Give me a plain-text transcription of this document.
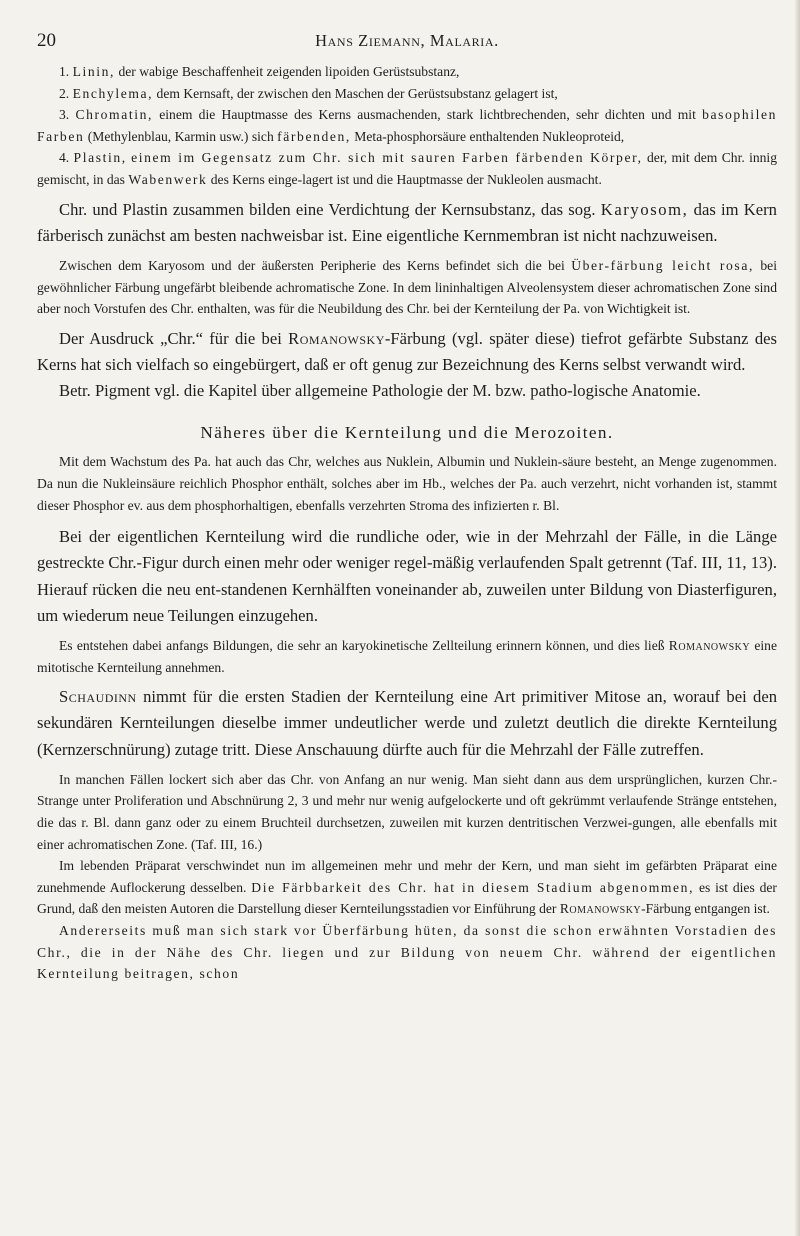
20	Hans Ziemann, Malaria.

1. Linin, der wabige Beschaffenheit zeigenden lipoiden Gerüstsubstanz,

2. Enchylema, dem Kernsaft, der zwischen den Maschen der Gerüstsubstanz gelagert ist,

3. Chromatin, einem die Hauptmasse des Kerns ausmachenden, stark lichtbrechenden, sehr dichten und mit basophilen Farben (Methylenblau, Karmin usw.) sich färbenden, Meta-phosphorsäure enthaltenden Nukleoproteid,

4. Plastin, einem im Gegensatz zum Chr. sich mit sauren Farben färbenden Körper, der, mit dem Chr. innig gemischt, in das Wabenwerk des Kerns einge-lagert ist und die Hauptmasse der Nukleolen ausmacht.

Chr. und Plastin zusammen bilden eine Verdichtung der Kernsubstanz, das sog. Karyosom, das im Kern färberisch zunächst am besten nachweisbar ist. Eine eigentliche Kernmembran ist nicht nachzuweisen.

Zwischen dem Karyosom und der äußersten Peripherie des Kerns befindet sich die bei Über-färbung leicht rosa, bei gewöhnlicher Färbung ungefärbt bleibende achromatische Zone. In dem lininhaltigen Alveolensystem dieser achromatischen Zone sind aber noch Vorstufen des Chr. enthalten, was für die Neubildung des Chr. bei der Kernteilung der Pa. von Wichtigkeit ist.

Der Ausdruck „Chr.“ für die bei Romanowsky-Färbung (vgl. später diese) tiefrot gefärbte Substanz des Kerns hat sich vielfach so eingebürgert, daß er oft genug zur Bezeichnung des Kerns selbst verwandt wird.

Betr. Pigment vgl. die Kapitel über allgemeine Pathologie der M. bzw. patho-logische Anatomie.

Näheres über die Kernteilung und die Merozoiten.

Mit dem Wachstum des Pa. hat auch das Chr, welches aus Nuklein, Albumin und Nuklein-säure besteht, an Menge zugenommen. Da nun die Nukleinsäure reichlich Phosphor enthält, solches aber im Hb., welches der Pa. auch verzehrt, nicht vorhanden ist, stammt dieser Phosphor ev. aus dem phosphorhaltigen, ebenfalls verzehrten Stroma des infizierten r. Bl.

Bei der eigentlichen Kernteilung wird die rundliche oder, wie in der Mehrzahl der Fälle, in die Länge gestreckte Chr.-Figur durch einen mehr oder weniger regel-mäßig verlaufenden Spalt getrennt (Taf. III, 11, 13). Hierauf rücken die neu ent-standenen Kernhälften voneinander ab, zuweilen unter Bildung von Diasterfiguren, um wiederum neue Teilungen einzugehen.

Es entstehen dabei anfangs Bildungen, die sehr an karyokinetische Zellteilung erinnern können, und dies ließ Romanowsky eine mitotische Kernteilung annehmen.

Schaudinn nimmt für die ersten Stadien der Kernteilung eine Art primitiver Mitose an, worauf bei den sekundären Kernteilungen dieselbe immer undeutlicher werde und zuletzt deutlich die direkte Kernteilung (Kernzerschnürung) zutage tritt. Diese Anschauung dürfte auch für die Mehrzahl der Fälle zutreffen.

In manchen Fällen lockert sich aber das Chr. von Anfang an nur wenig. Man sieht dann aus dem ursprünglichen, kurzen Chr.-Strange unter Proliferation und Abschnürung 2, 3 und mehr nur wenig aufgelockerte und oft gekrümmt verlaufende Stränge entstehen, die das r. Bl. dann ganz oder zu einem Bruchteil durchsetzen, zuweilen mit kurzen dentritischen Verzwei-gungen, alle ebenfalls mit einer achromatischen Zone. (Taf. III, 16.)

Im lebenden Präparat verschwindet nun im allgemeinen mehr und mehr der Kern, und man sieht im gefärbten Präparat eine zunehmende Auflockerung desselben. Die Färbbarkeit des Chr. hat in diesem Stadium abgenommen, es ist dies der Grund, daß den meisten Autoren die Darstellung dieser Kernteilungsstadien vor Einführung der Romanowsky-Färbung entgangen ist.

Andererseits muß man sich stark vor Überfärbung hüten, da sonst die schon erwähnten Vorstadien des Chr., die in der Nähe des Chr. liegen und zur Bildung von neuem Chr. während der eigentlichen Kernteilung beitragen, schon
